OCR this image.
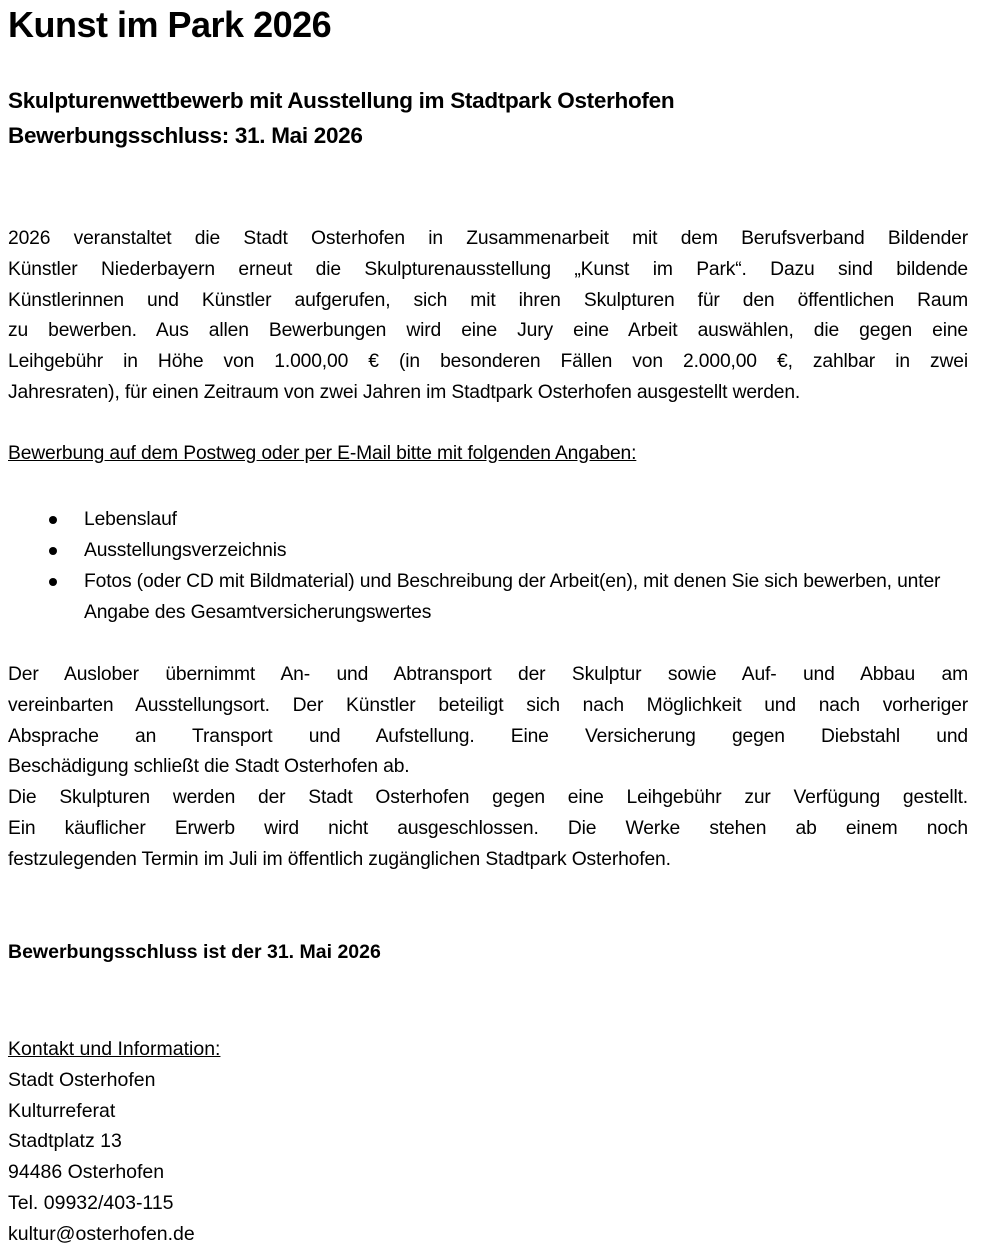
Kunst im Park 2026
Skulpturenwettbewerb mit Ausstellung im Stadtpark Osterhofen
Bewerbungsschluss: 31. Mai 2026

2026 veranstaltet die Stadt Osterhofen in Zusammenarbeit mit dem Berufsverband Bildender
Künstler Niederbayern erneut die Skulpturenausstellung „Kunst im Park“. Dazu sind bildende
Künstlerinnen und Künstler aufgerufen, sich mit ihren Skulpturen für den öffentlichen Raum
zu bewerben. Aus allen Bewerbungen wird eine Jury eine Arbeit auswählen, die gegen eine
Leihgebühr in Höhe von 1.000,00 € (in besonderen Fällen von 2.000,00 €, zahlbar in zwei
Jahresraten), für einen Zeitraum von zwei Jahren im Stadtpark Osterhofen ausgestellt werden.

Bewerbung auf dem Postweg oder per E-Mail bitte mit folgenden Angaben:

Lebenslauf
Ausstellungsverzeichnis
Fotos (oder CD mit Bildmaterial) und Beschreibung der Arbeit(en), mit denen Sie sich bewerben, unter Angabe des Gesamtversicherungswertes

Der Auslober übernimmt An- und Abtransport der Skulptur sowie Auf- und Abbau am
vereinbarten Ausstellungsort. Der Künstler beteiligt sich nach Möglichkeit und nach vorheriger
Absprache an Transport und Aufstellung. Eine Versicherung gegen Diebstahl und
Beschädigung schließt die Stadt Osterhofen ab.
Die Skulpturen werden der Stadt Osterhofen gegen eine Leihgebühr zur Verfügung gestellt.
Ein käuflicher Erwerb wird nicht ausgeschlossen. Die Werke stehen ab einem noch
festzulegenden Termin im Juli im öffentlich zugänglichen Stadtpark Osterhofen.

Bewerbungsschluss ist der 31. Mai 2026

Kontakt und Information:
Stadt Osterhofen
Kulturreferat
Stadtplatz 13
94486 Osterhofen
Tel. 09932/403-115
kultur@osterhofen.de
